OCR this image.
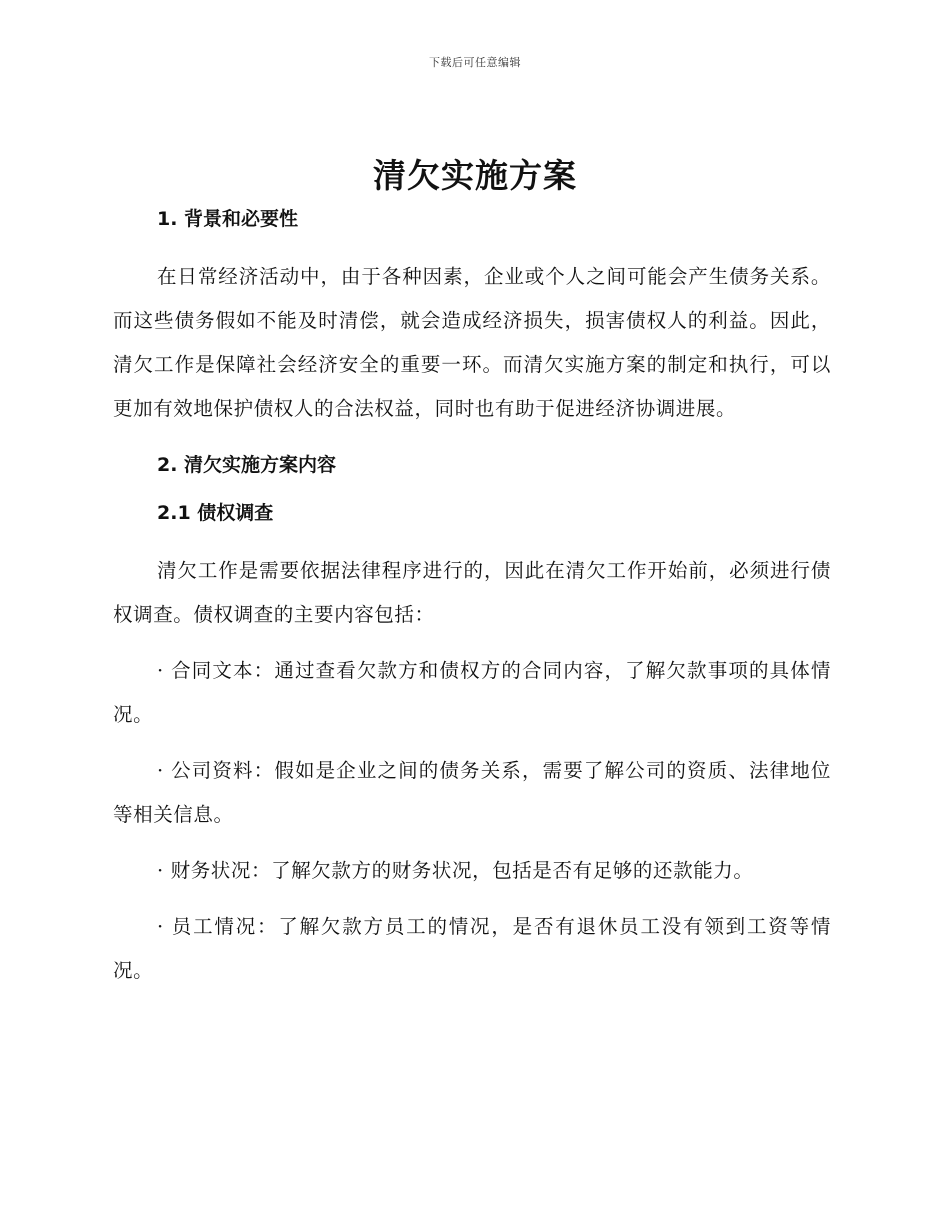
下载后可任意编辑
清欠实施方案

1. 背景和必要性

在日常经济活动中，由于各种因素，企业或个人之间可能会产生债务关系。而这些债务假如不能及时清偿，就会造成经济损失，损害债权人的利益。因此，清欠工作是保障社会经济安全的重要一环。而清欠实施方案的制定和执行，可以更加有效地保护债权人的合法权益，同时也有助于促进经济协调进展。

2. 清欠实施方案内容

2.1 债权调查

清欠工作是需要依据法律程序进行的，因此在清欠工作开始前，必须进行债权调查。债权调查的主要内容包括：

· 合同文本：通过查看欠款方和债权方的合同内容，了解欠款事项的具体情况。

· 公司资料：假如是企业之间的债务关系，需要了解公司的资质、法律地位等相关信息。

· 财务状况：了解欠款方的财务状况，包括是否有足够的还款能力。

· 员工情况：了解欠款方员工的情况，是否有退休员工没有领到工资等情况。
